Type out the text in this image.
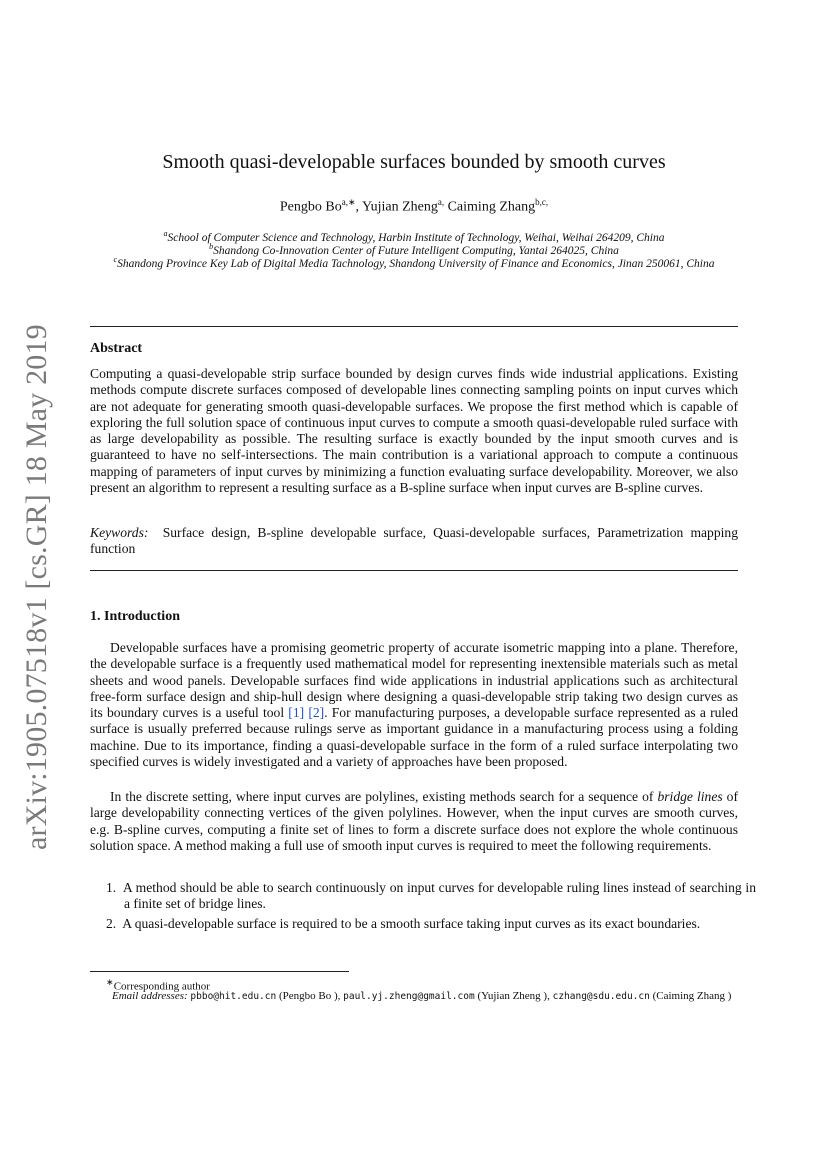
arXiv:1905.07518v1 [cs.GR] 18 May 2019
Smooth quasi-developable surfaces bounded by smooth curves
Pengbo $Bo^{a,∗}$, Yujian Zheng$^{a,}$ Caiming Zhang$^{b,c,}$
$^a$School of Computer Science and Technology, Harbin Institute of Technology, Weihai, Weihai 264209, China
$^b$Shandong Co-Innovation Center of Future Intelligent Computing, Yantai 264025, China
$^c$Shandong Province Key Lab of Digital Media Tachnology, Shandong University of Finance and Economics, Jinan 250061, China
Abstract
Computing a quasi-developable strip surface bounded by design curves finds wide industrial applications. Existing methods compute discrete surfaces composed of developable lines connecting sampling points on input curves which are not adequate for generating smooth quasi-developable surfaces. We propose the first method which is capable of exploring the full solution space of continuous input curves to compute a smooth quasi-developable ruled surface with as large developability as possible. The resulting surface is exactly bounded by the input smooth curves and is guaranteed to have no self-intersections. The main contribution is a variational approach to compute a continuous mapping of parameters of input curves by minimizing a function evaluating surface developability. Moreover, we also present an algorithm to represent a resulting surface as a B-spline surface when input curves are B-spline curves.
Keywords: Surface design, B-spline developable surface, Quasi-developable surfaces, Parametrization mapping function
1. Introduction
Developable surfaces have a promising geometric property of accurate isometric mapping into a plane. Therefore, the developable surface is a frequently used mathematical model for representing inextensible materials such as metal sheets and wood panels. Developable surfaces find wide applications in industrial applications such as architectural free-form surface design and ship-hull design where designing a quasi-developable strip taking two design curves as its boundary curves is a useful tool [1] [2]. For manufacturing purposes, a developable surface represented as a ruled surface is usually preferred because rulings serve as important guidance in a manufacturing process using a folding machine. Due to its importance, finding a quasi-developable surface in the form of a ruled surface interpolating two specified curves is widely investigated and a variety of approaches have been proposed.
In the discrete setting, where input curves are polylines, existing methods search for a sequence of bridge lines of large developability connecting vertices of the given polylines. However, when the input curves are smooth curves, e.g. B-spline curves, computing a finite set of lines to form a discrete surface does not explore the whole continuous solution space. A method making a full use of smooth input curves is required to meet the following requirements.
1. A method should be able to search continuously on input curves for developable ruling lines instead of searching in a finite set of bridge lines.
2. A quasi-developable surface is required to be a smooth surface taking input curves as its exact boundaries.
∗Corresponding author
Email addresses: pbbo@hit.edu.cn (Pengbo Bo ), paul.yj.zheng@gmail.com (Yujian Zheng ), czhang@sdu.edu.cn (Caiming Zhang )
